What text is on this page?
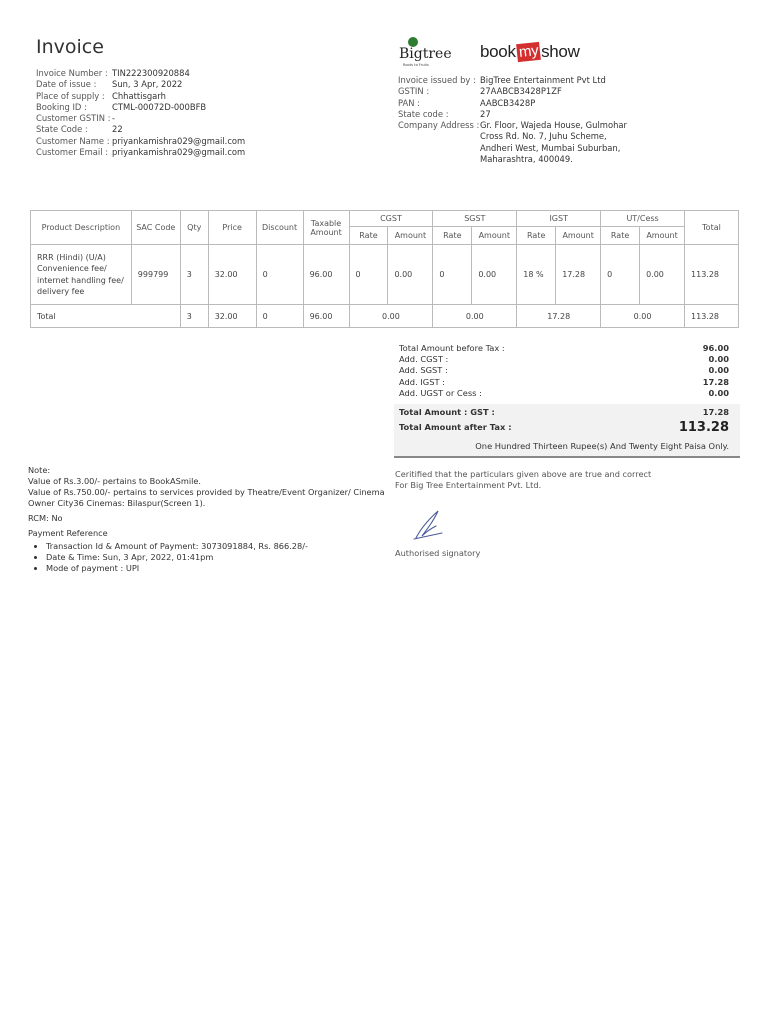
Invoice
Invoice Number : TIN222300920884
Date of issue :	Sun, 3 Apr, 2022
Place of supply : Chhattisgarh
Booking ID :	CTML-00072D-000BFB
Customer GSTIN : -
State Code :	22
Customer Name : priyankamishra029@gmail.com
Customer Email : priyankamishra029@gmail.com
Bigtree
Roots to Fruits
book my show
Invoice issued by : BigTree Entertainment Pvt Ltd
GSTIN :	27AABCB3428P1ZF
PAN :	AABCB3428P
State code :	27
Company Address : Gr. Floor, Wajeda House, Gulmohar Cross Rd. No. 7, Juhu Scheme, Andheri West, Mumbai Suburban, Maharashtra, 400049.
Product Description	SAC Code	Qty	Price	Discount	Taxable Amount	CGST		SGST		IGST		UT/Cess		Total
						Rate	Amount	Rate	Amount	Rate	Amount	Rate	Amount	
RRR (Hindi) (U/A) Convenience fee/ internet handling fee/ delivery fee	999799	3	32.00	0	96.00	0	0.00	0	0.00	18 %	17.28	0	0.00	113.28
Total		3	32.00	0	96.00	0.00		0.00		17.28		0.00		113.28
Total Amount before Tax :	96.00
Add. CGST :	0.00
Add. SGST :	0.00
Add. IGST :	17.28
Add. UGST or Cess :	0.00
Total Amount : GST :	17.28
Total Amount after Tax :	113.28
One Hundred Thirteen Rupee(s) And Twenty Eight Paisa Only.
Note:
Value of Rs.3.00/- pertains to BookASmile.
Value of Rs.750.00/- pertains to services provided by Theatre/Event Organizer/ Cinema Owner City36 Cinemas: Bilaspur(Screen 1).
RCM: No
Payment Reference
• Transaction Id & Amount of Payment: 3073091884, Rs. 866.28/-
• Date & Time: Sun, 3 Apr, 2022, 01:41pm
• Mode of payment : UPI
Ceritified that the particulars given above are true and correct
For Big Tree Entertainment Pvt. Ltd.
Authorised signatory
